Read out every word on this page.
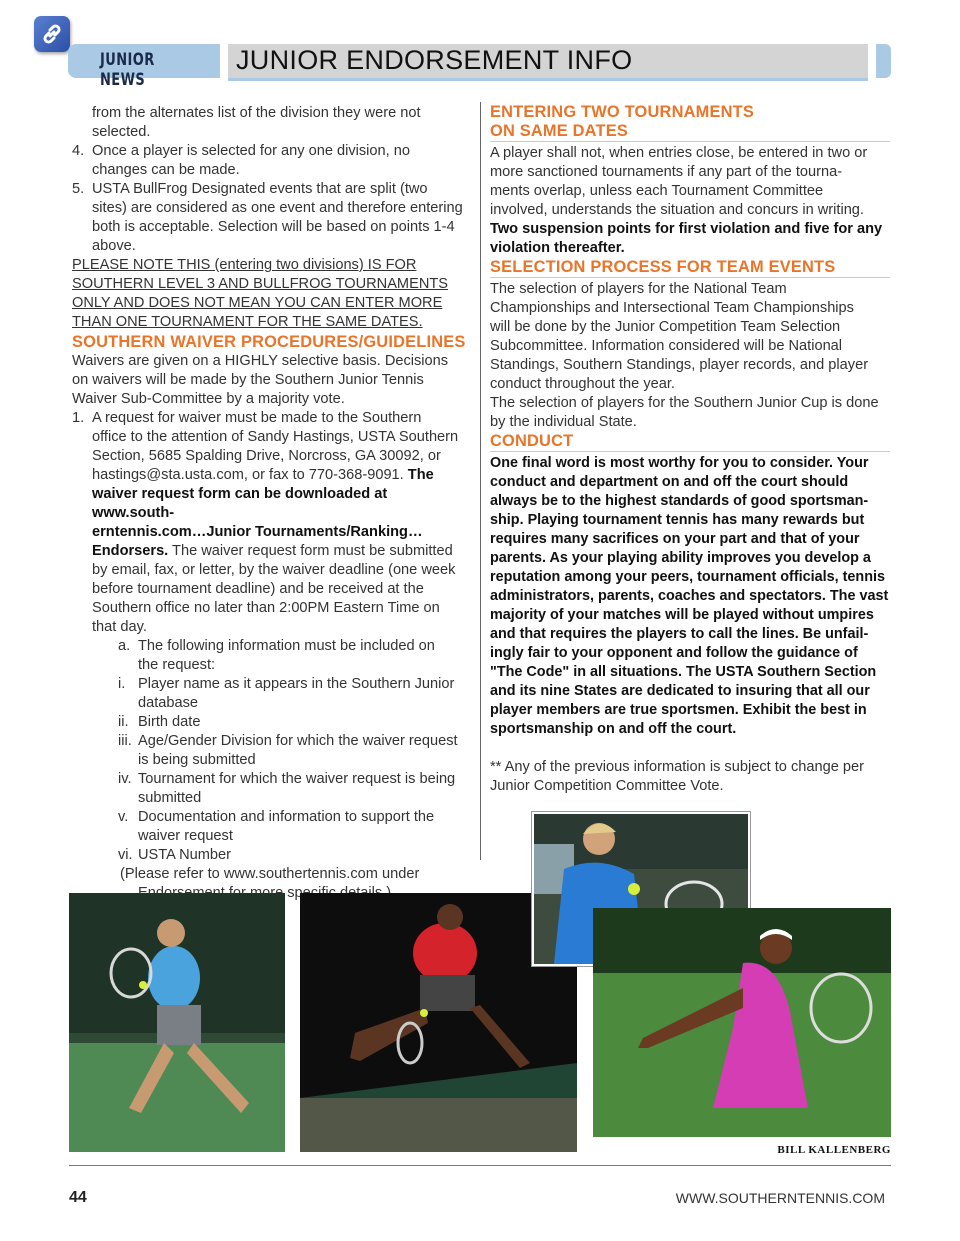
JUNIOR NEWS
JUNIOR ENDORSEMENT INFO

from the alternates list of the division they were not
selected.

4. Once a player is selected for any one division, no
changes can be made.
5. USTA BullFrog Designated events that are split (two
sites) are considered as one event and therefore entering
both is acceptable. Selection will be based on points 1-4
above.

PLEASE NOTE THIS (entering two divisions) IS FOR
SOUTHERN LEVEL 3 AND BULLFROG TOURNAMENTS
ONLY AND DOES NOT MEAN YOU CAN ENTER MORE
THAN ONE TOURNAMENT FOR THE SAME DATES.

SOUTHERN WAIVER PROCEDURES/GUIDELINES

Waivers are given on a HIGHLY selective basis. Decisions
on waivers will be made by the Southern Junior Tennis
Waiver Sub-Committee by a majority vote.

1. A request for waiver must be made to the Southern
office to the attention of Sandy Hastings, USTA Southern
Section, 5685 Spalding Drive, Norcross, GA 30092, or
hastings@sta.usta.com, or fax to 770-368-9091. The
waiver request form can be downloaded at www.south-
erntennis.com…Junior Tournaments/Ranking…
Endorsers. The waiver request form must be submitted
by email, fax, or letter, by the waiver deadline (one week
before tournament deadline) and be received at the
Southern office no later than 2:00PM Eastern Time on
that day.
a. The following information must be included on
the request:
i. Player name as it appears in the Southern Junior
database
ii. Birth date
iii. Age/Gender Division for which the waiver request
is being submitted
iv. Tournament for which the waiver request is being
submitted
v. Documentation and information to support the
waiver request
vi. USTA Number

(Please refer to www.southertennis.com under

ENTERING TWO TOURNAMENTS
ON SAME DATES

A player shall not, when entries close, be entered in two or
more sanctioned tournaments if any part of the tourna-
ments overlap, unless each Tournament Committee
involved, understands the situation and concurs in writing.
Two suspension points for first violation and five for any
violation thereafter.

SELECTION PROCESS FOR TEAM EVENTS

The selection of players for the National Team
Championships and Intersectional Team Championships
will be done by the Junior Competition Team Selection
Subcommittee. Information considered will be National
Standings, Southern Standings, player records, and player
conduct throughout the year.
The selection of players for the Southern Junior Cup is done
by the individual State.

CONDUCT

One final word is most worthy for you to consider. Your
conduct and department on and off the court should
always be to the highest standards of good sportsman-
ship. Playing tournament tennis has many rewards but
requires many sacrifices on your part and that of your
parents. As your playing ability improves you develop a
reputation among your peers, tournament officials, tennis
administrators, parents, coaches and spectators. The vast
majority of your matches will be played without umpires
and that requires the players to call the lines. Be unfail-
ingly fair to your opponent and follow the guidance of
"The Code" in all situations. The USTA Southern Section
and its nine States are dedicated to insuring that all our
player members are true sportsmen. Exhibit the best in
sportsmanship on and off the court.

** Any of the previous information is subject to change per
Junior Competition Committee Vote.

BILL KALLENBERG
44	WWW.SOUTHERNTENNIS.COM
